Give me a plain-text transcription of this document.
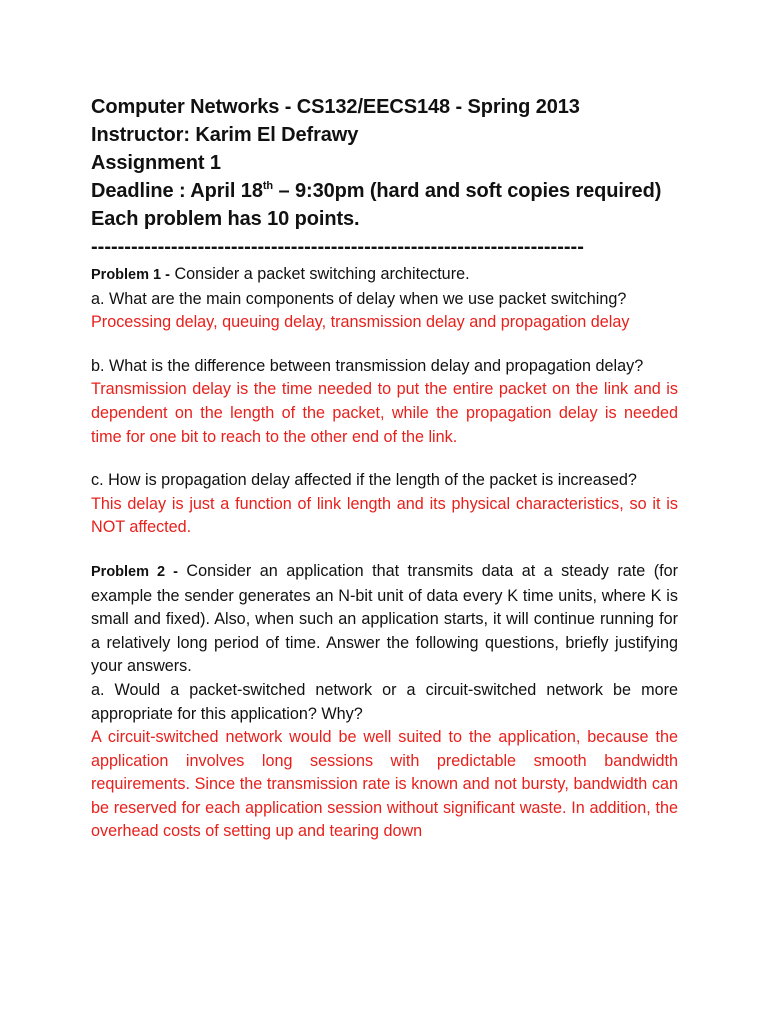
Computer Networks - CS132/EECS148 - Spring 2013
Instructor: Karim El Defrawy
Assignment 1
Deadline : April 18th – 9:30pm (hard and soft copies required)
Each problem has 10 points.
--------------------------------------------------------------------------

Problem 1 - Consider a packet switching architecture.

a. What are the main components of delay when we use packet switching?

Processing delay, queuing delay, transmission delay and propagation delay

b. What is the difference between transmission delay and propagation delay?

Transmission delay is the time needed to put the entire packet on the link and is dependent on the length of the packet, while the propagation delay is needed time for one bit to reach to the other end of the link.

c. How is propagation delay affected if the length of the packet is increased?

This delay is just a function of link length and its physical characteristics, so it is NOT affected.

Problem 2 - Consider an application that transmits data at a steady rate (for example the sender generates an N-bit unit of data every K time units, where K is small and fixed). Also, when such an application starts, it will continue running for a relatively long period of time. Answer the following questions, briefly justifying your answers.

a. Would a packet-switched network or a circuit-switched network be more appropriate for this application? Why?

A circuit-switched network would be well suited to the application, because the application involves long sessions with predictable smooth bandwidth requirements. Since the transmission rate is known and not bursty, bandwidth can be reserved for each application session without significant waste. In addition, the overhead costs of setting up and tearing down
